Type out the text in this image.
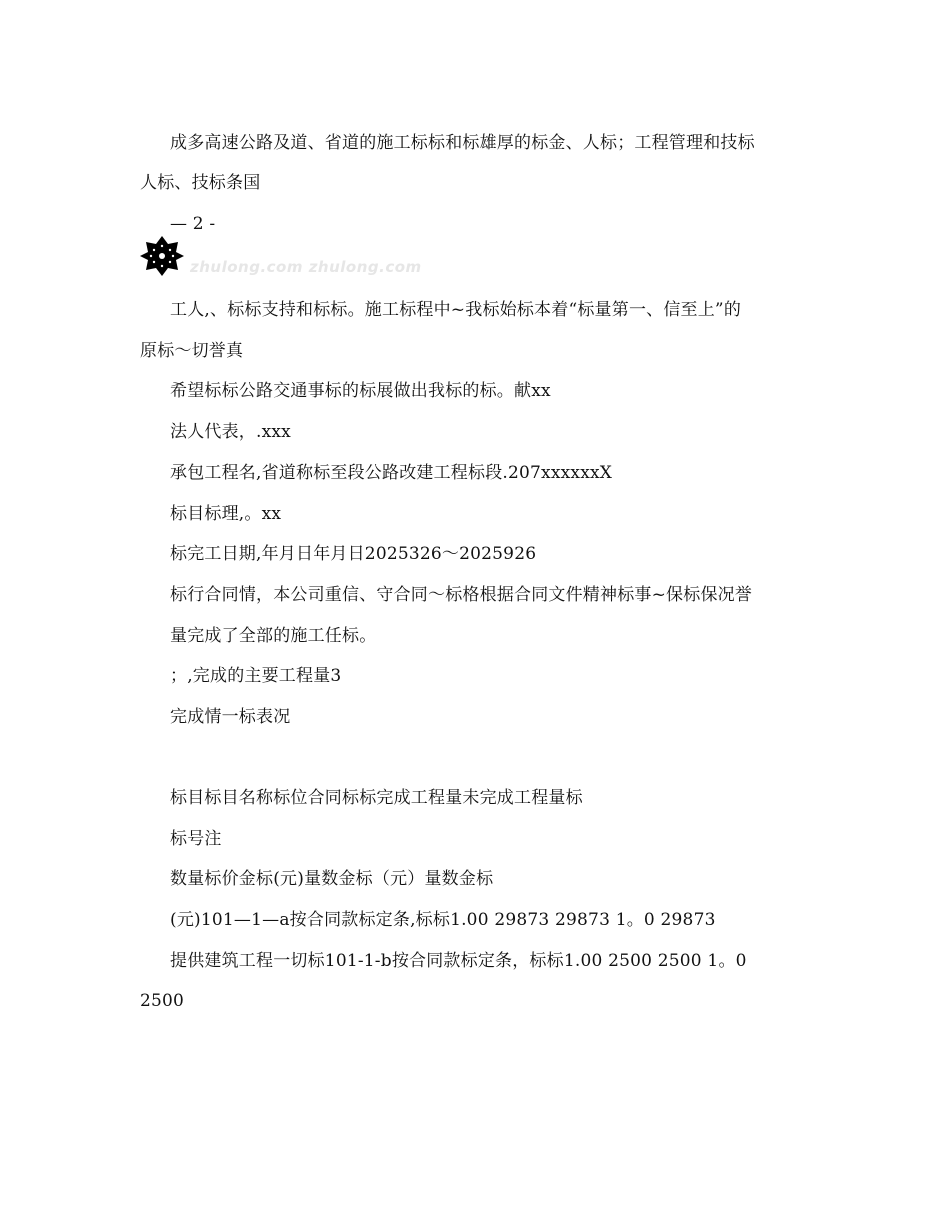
成多高速公路及道、省道的施工标标和标雄厚的标金、人标；工程管理和技标
人标、技标条国
— 2 -
zhulong.com zhulong.com
工人,、标标支持和标标。施工标程中~我标始标本着“标量第一、信至上”的
原标～切誉真
希望标标公路交通事标的标展做出我标的标。献xx
法人代表，.xxx
承包工程名,省道称标至段公路改建工程标段.207xxxxxxX
标目标理,。xx
标完工日期,年月日年月日2025326～2025926
标行合同情，本公司重信、守合同～标格根据合同文件精神标事~保标保况誉
量完成了全部的施工任标。
；,完成的主要工程量3
完成情一标表况
标目标目名称标位合同标标完成工程量未完成工程量标
标号注
数量标价金标(元)量数金标（元）量数金标
(元)101—1—a按合同款标定条,标标1.00 29873 29873 1。0 29873
提供建筑工程一切标101-1-b按合同款标定条，标标1.00 2500 2500 1。0
2500
